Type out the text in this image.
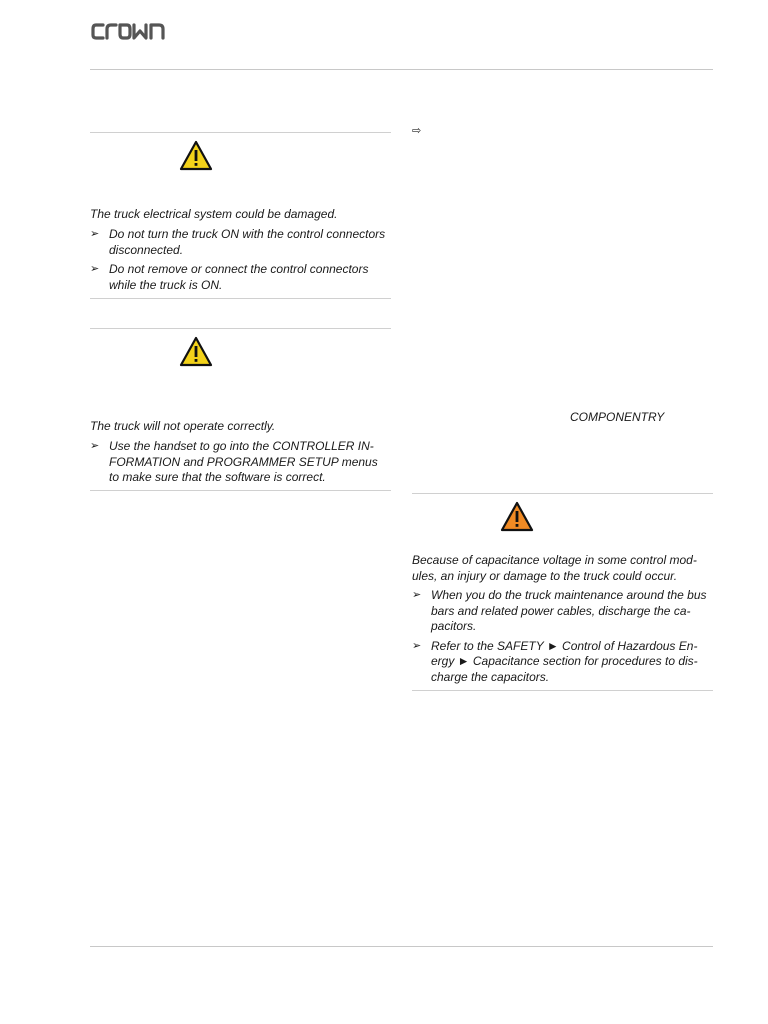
The truck electrical system could be damaged.
➢ Do not turn the truck ON with the control connectors disconnected.
➢ Do not remove or connect the control connectors while the truck is ON.
The truck will not operate correctly.
➢ Use the handset to go into the CONTROLLER IN-FORMATION and PROGRAMMER SETUP menus to make sure that the software is correct.
⇨
COMPONENTRY
Because of capacitance voltage in some control mod-ules, an injury or damage to the truck could occur.
➢ When you do the truck maintenance around the bus bars and related power cables, discharge the ca-pacitors.
➢ Refer to the SAFETY ► Control of Hazardous En-ergy ► Capacitance section for procedures to dis-charge the capacitors.
